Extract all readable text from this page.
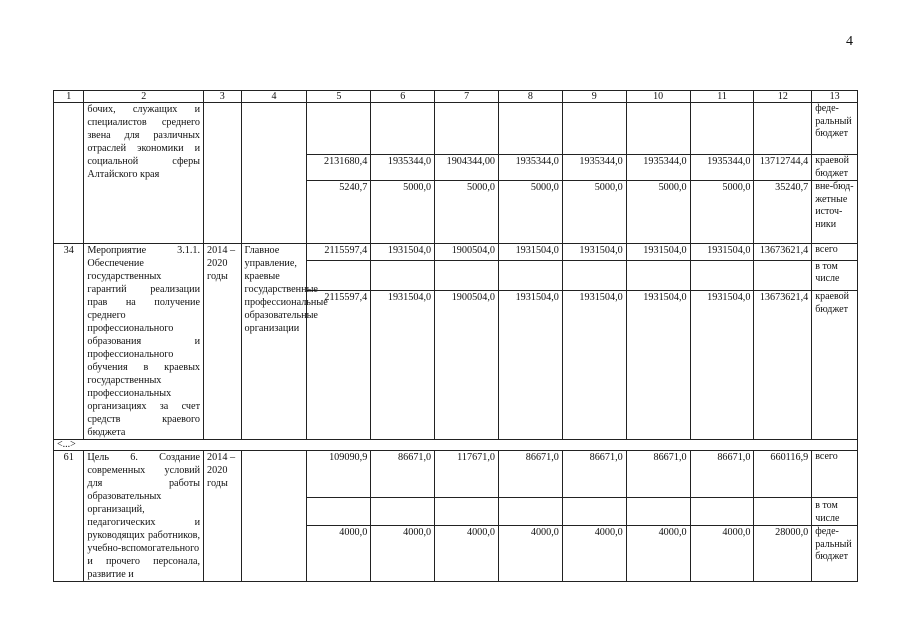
4
1	2	3	4	5	6	7	8	9	10	11	12	13
	бочих, служащих и специалистов среднего звена для различных отраслей экономики и социальной сферы Алтайского края											феде-ральный бюджет
				2131680,4	1935344,0	1904344,00	1935344,0	1935344,0	1935344,0	1935344,0	13712744,4	краевой бюджет
				5240,7	5000,0	5000,0	5000,0	5000,0	5000,0	5000,0	35240,7	вне-бюд-жетные источ-ники
34	Мероприятие 3.1.1. Обеспечение государственных гарантий реализации прав на получение среднего профессионального образования и профессионального обучения в краевых государственных профессиональных организациях за счет средств краевого бюджета	2014 – 2020 годы	Главное управление, краевые государственные профессиональные образовательные организации	2115597,4	1931504,0	1900504,0	1931504,0	1931504,0	1931504,0	1931504,0	13673621,4	всего
												в том числе
				2115597,4	1931504,0	1900504,0	1931504,0	1931504,0	1931504,0	1931504,0	13673621,4	краевой бюджет
<...>												
61	Цель 6. Создание современных условий для работы образовательных организаций, педагогических и руководящих работников, учебно-вспомогательного и прочего персонала, развитие и	2014 – 2020 годы		109090,9	86671,0	117671,0	86671,0	86671,0	86671,0	86671,0	660116,9	всего
												в том числе
				4000,0	4000,0	4000,0	4000,0	4000,0	4000,0	4000,0	28000,0	феде-ральный бюджет
